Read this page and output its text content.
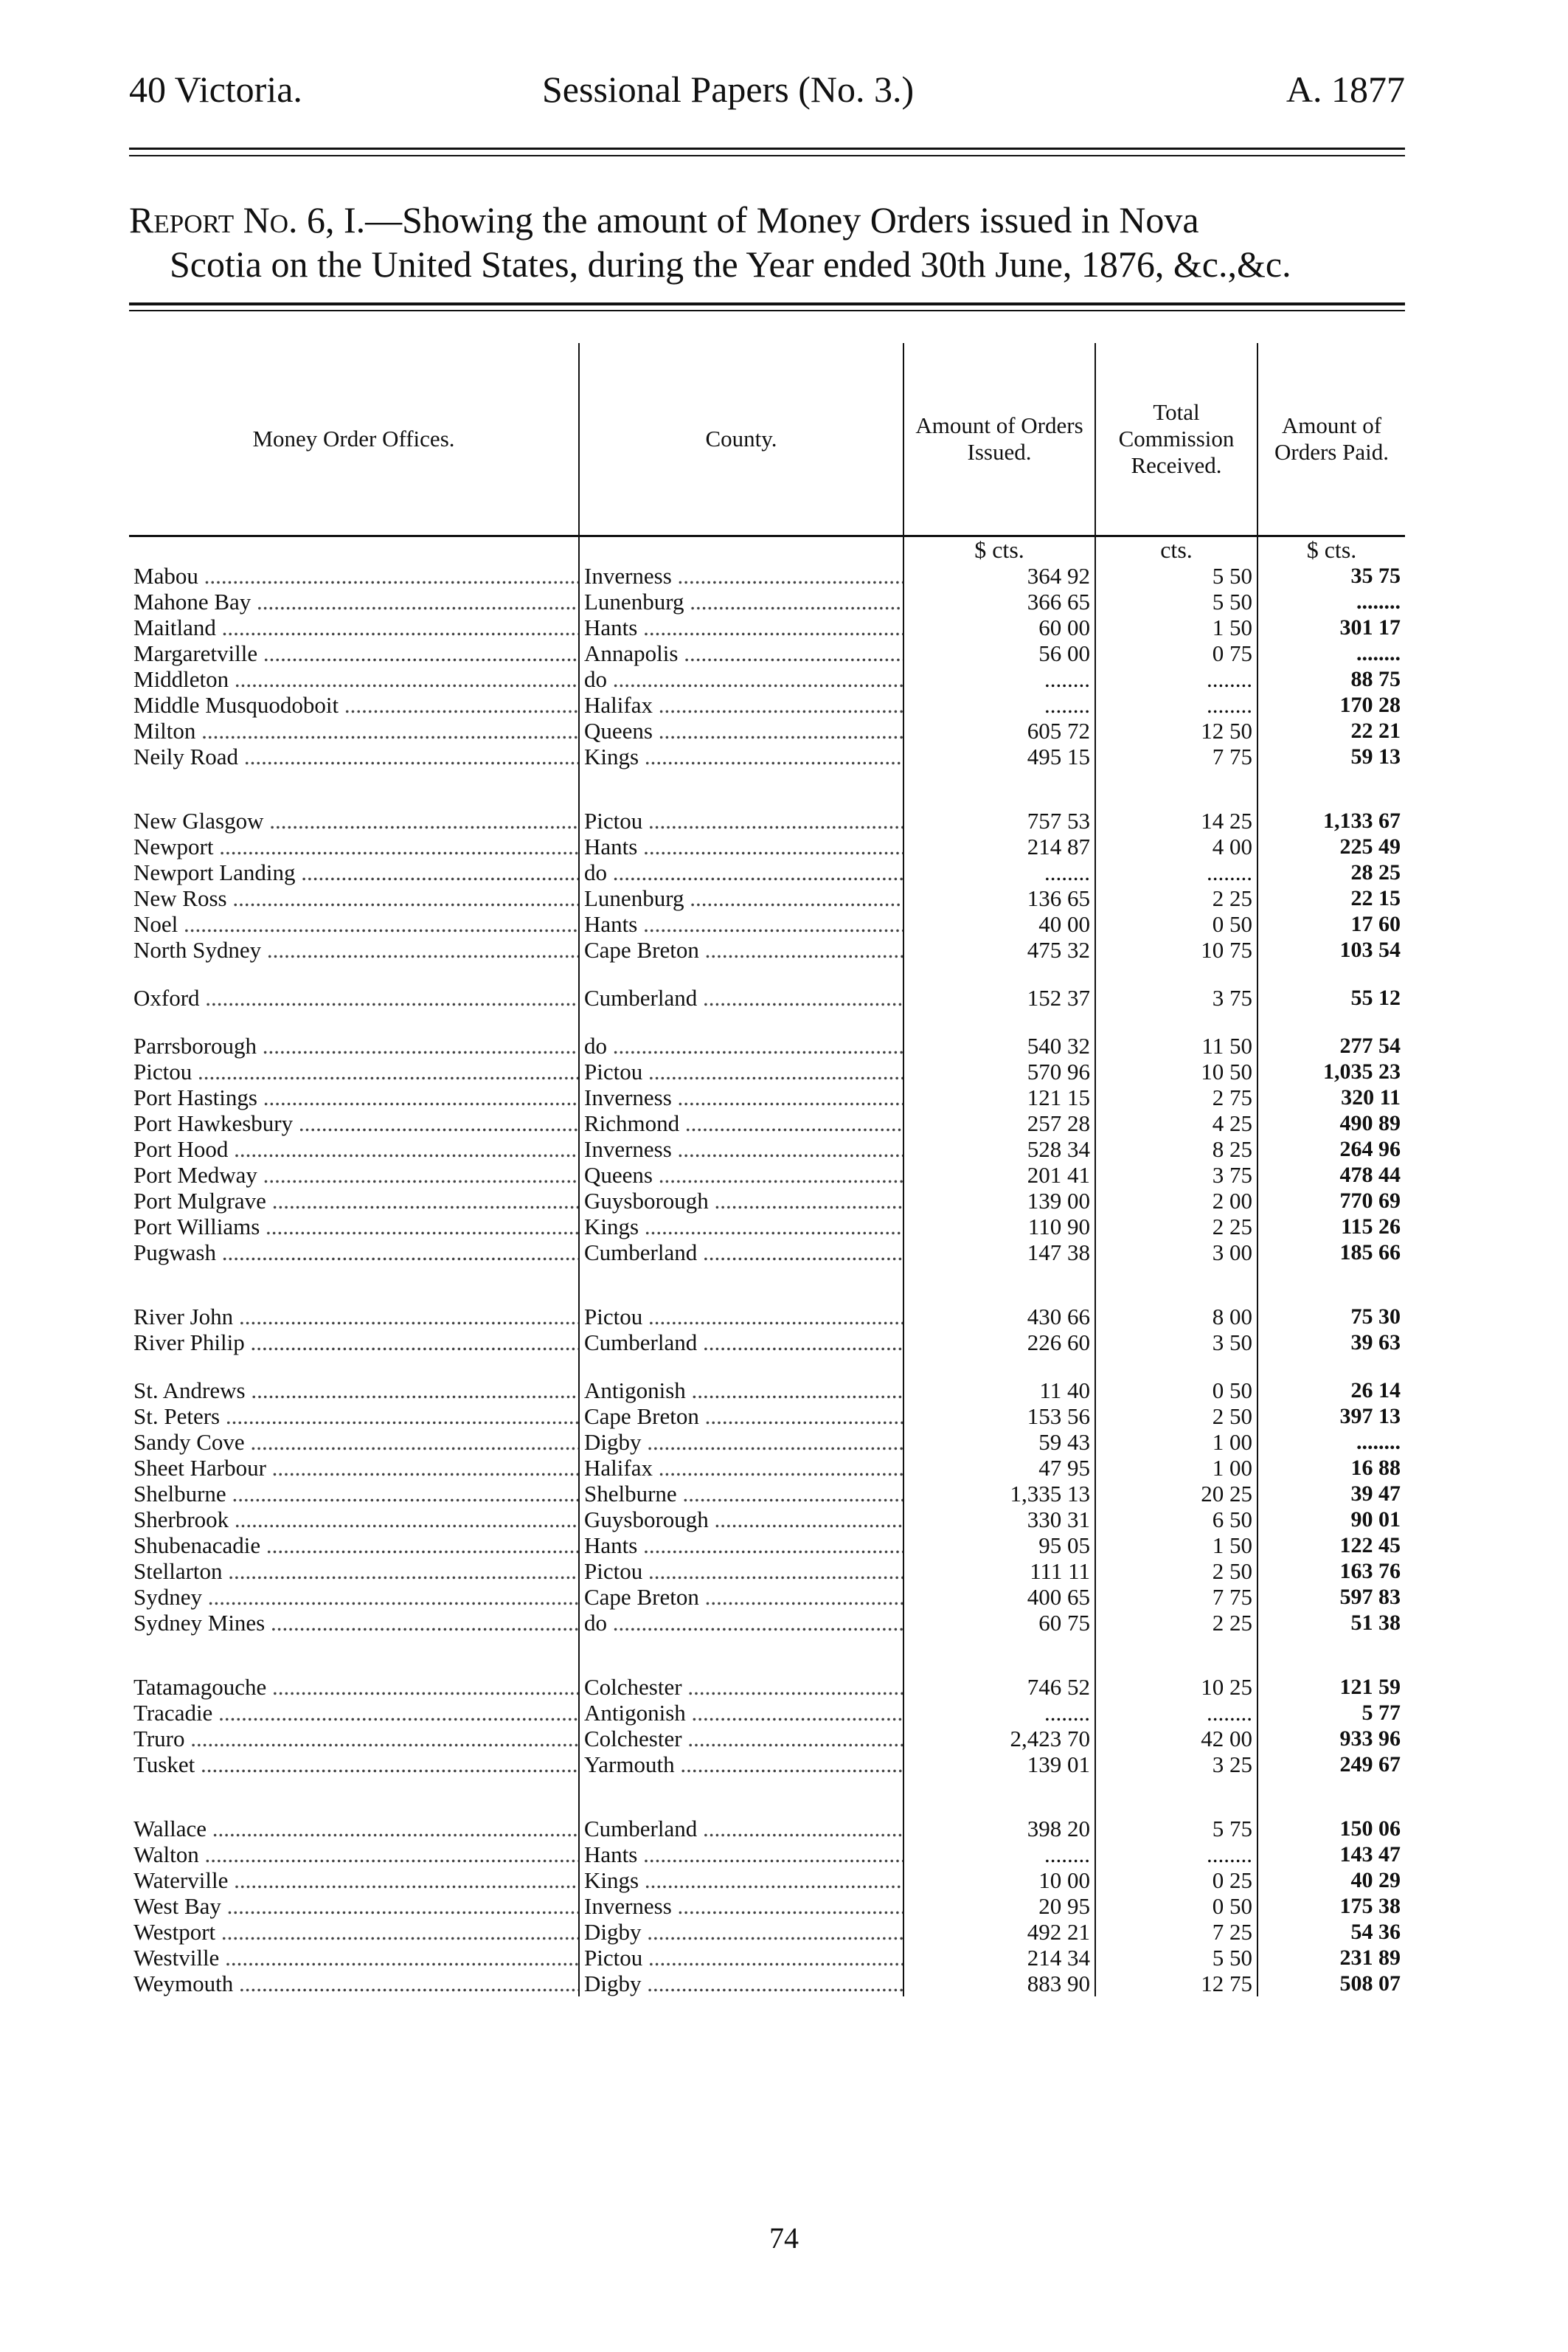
40 Victoria.	Sessional Papers (No. 3.)	A. 1877
Report No. 6, I.—Showing the amount of Money Orders issued in Nova
Scotia on the United States, during the Year ended 30th June, 1876, &c.,&c.
Money Order Offices.	County.	Amount of Orders Issued.	Total Commission Received.	Amount of Orders Paid.
		$ cts.	cts.	$ cts.
Mabou .....	Inverness .....	364 92	5 50	35 75
Mahone Bay .....	Lunenburg .....	366 65	5 50	........
Maitland .....	Hants .....	60 00	1 50	301 17
Margaretville .....	Annapolis .....	56 00	0 75	........
Middleton .....	do .....	........	........	88 75
Middle Musquodoboit .....	Halifax .....	........	........	170 28
Milton .....	Queens .....	605 72	12 50	22 21
Neily Road .....	Kings .....	495 15	7 75	59 13

New Glasgow .....	Pictou .....	757 53	14 25	1,133 67
Newport .....	Hants .....	214 87	4 00	225 49
Newport Landing .....	do .....	........	........	28 25
New Ross .....	Lunenburg .....	136 65	2 25	22 15
Noel .....	Hants .....	40 00	0 50	17 60
North Sydney .....	Cape Breton .....	475 32	10 75	103 54

Oxford .....	Cumberland .....	152 37	3 75	55 12

Parrsborough .....	do .....	540 32	11 50	277 54
Pictou .....	Pictou .....	570 96	10 50	1,035 23
Port Hastings .....	Inverness .....	121 15	2 75	320 11
Port Hawkesbury .....	Richmond .....	257 28	4 25	490 89
Port Hood .....	Inverness .....	528 34	8 25	264 96
Port Medway .....	Queens .....	201 41	3 75	478 44
Port Mulgrave .....	Guysborough .....	139 00	2 00	770 69
Port Williams .....	Kings .....	110 90	2 25	115 26
Pugwash .....	Cumberland .....	147 38	3 00	185 66

River John .....	Pictou .....	430 66	8 00	75 30
River Philip .....	Cumberland .....	226 60	3 50	39 63

St. Andrews .....	Antigonish .....	11 40	0 50	26 14
St. Peters .....	Cape Breton .....	153 56	2 50	397 13
Sandy Cove .....	Digby .....	59 43	1 00	........
Sheet Harbour .....	Halifax .....	47 95	1 00	16 88
Shelburne .....	Shelburne .....	1,335 13	20 25	39 47
Sherbrook .....	Guysborough .....	330 31	6 50	90 01
Shubenacadie .....	Hants .....	95 05	1 50	122 45
Stellarton .....	Pictou .....	111 11	2 50	163 76
Sydney .....	Cape Breton .....	400 65	7 75	597 83
Sydney Mines .....	do .....	60 75	2 25	51 38

Tatamagouche .....	Colchester .....	746 52	10 25	121 59
Tracadie .....	Antigonish .....	........	........	5 77
Truro .....	Colchester .....	2,423 70	42 00	933 96
Tusket .....	Yarmouth .....	139 01	3 25	249 67

Wallace .....	Cumberland .....	398 20	5 75	150 06
Walton .....	Hants .....	........	........	143 47
Waterville .....	Kings .....	10 00	0 25	40 29
West Bay .....	Inverness .....	20 95	0 50	175 38
Westport .....	Digby .....	492 21	7 25	54 36
Westville .....	Pictou .....	214 34	5 50	231 89
Weymouth .....	Digby .....	883 90	12 75	508 07
74
